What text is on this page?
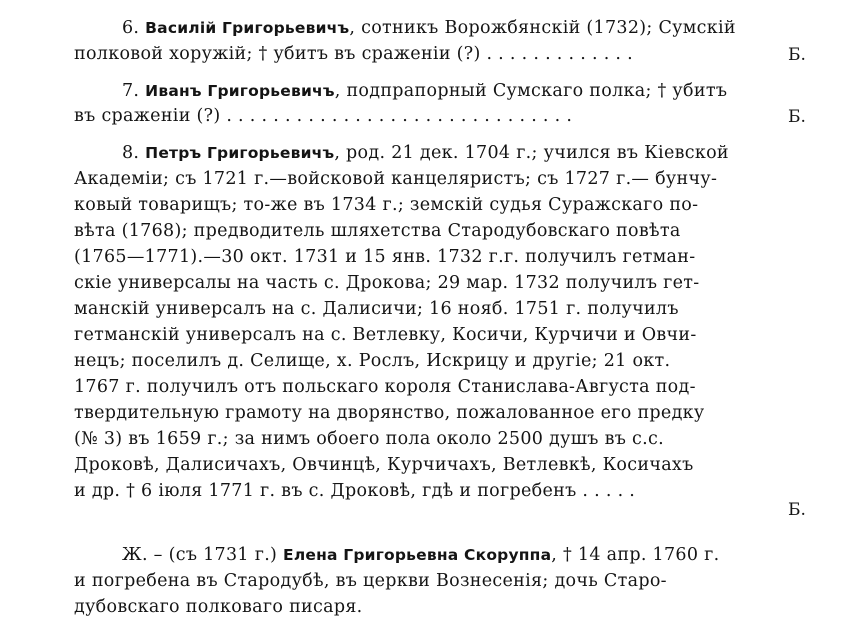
6. Василій Григорьевичъ, сотникъ Ворожбянскій (1732); Сумскій
полковой хоружій; † убитъ въ сраженіи (?) . . . . . . . . . . . . .	Б.
7. Иванъ Григорьевичъ, подпрапорный Сумскаго полка; † убитъ
въ сраженіи (?) . . . . . . . . . . . . . . . . . . . . . . . . . . . . . .	Б.
8. Петръ Григорьевичъ, род. 21 дек. 1704 г.; учился въ Кіевской
Академіи; съ 1721 г.—войсковой канцеляристъ; съ 1727 г.— бунчу-
ковый товарищъ; то-же въ 1734 г.; земскій судья Суражскаго по-
вѣта (1768); предводитель шляхетства Стародубовскаго повѣта
(1765—1771).—30 окт. 1731 и 15 янв. 1732 г.г. получилъ гетман-
скіе универсалы на часть с. Дрокова; 29 мар. 1732 получилъ гет-
манскій универсалъ на с. Далисичи; 16 нояб. 1751 г. получилъ
гетманскій универсалъ на с. Ветлевку, Косичи, Курчичи и Овчи-
нецъ; поселилъ д. Селище, х. Рослъ, Искрицу и другіе; 21 окт.
1767 г. получилъ отъ польскаго короля Станислава-Августа под-
твердительную грамоту на дворянство, пожалованное его предку
(№ 3) въ 1659 г.; за нимъ обоего пола около 2500 душъ въ с.с.
Дроковѣ, Далисичахъ, Овчинцѣ, Курчичахъ, Ветлевкѣ, Косичахъ
и др. † 6 іюля 1771 г. въ с. Дроковѣ, гдѣ и погребенъ . . . . .
Б.
Ж. – (съ 1731 г.) Елена Григорьевна Скоруппа, † 14 апр. 1760 г.
и погребена въ Стародубѣ, въ церкви Вознесенія; дочь Старо-
дубовскаго полковаго писаря.
